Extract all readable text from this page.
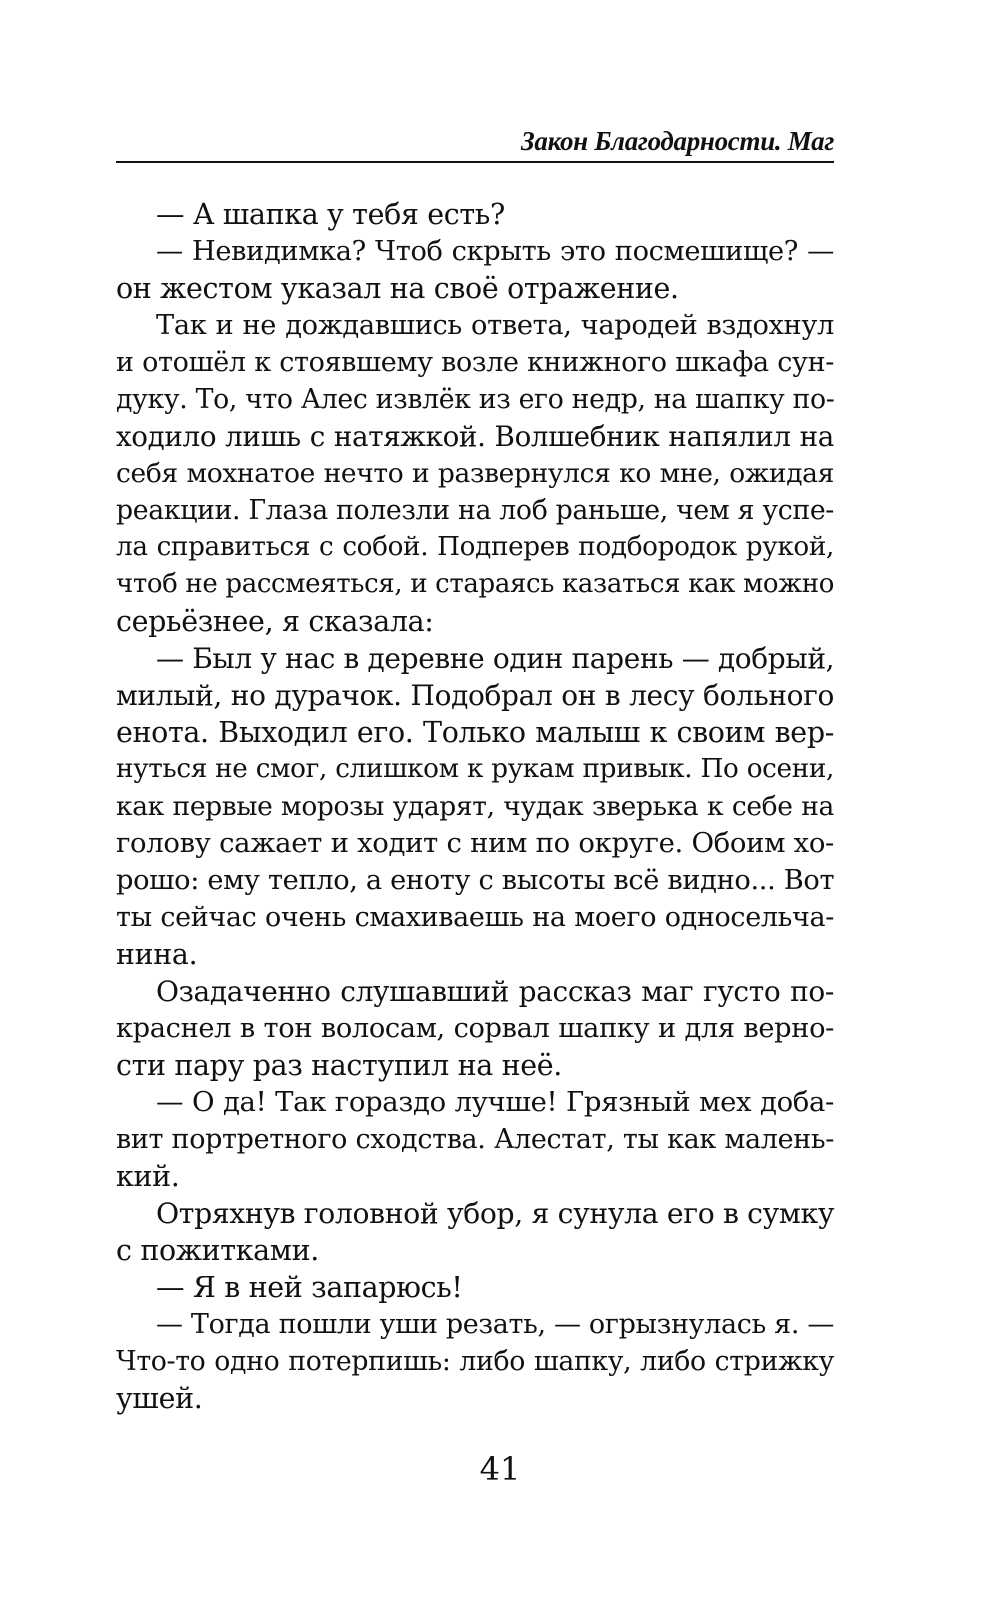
Закон Благодарности. Маг
— А шапка у тебя есть?
— Невидимка? Чтоб скрыть это посмешище? —
он жестом указал на своё отражение.
Так и не дождавшись ответа, чародей вздохнул
и отошёл к стоявшему возле книжного шкафа сун-
дуку. То, что Алес извлёк из его недр, на шапку по-
ходило лишь с натяжкой. Волшебник напялил на
себя мохнатое нечто и развернулся ко мне, ожидая
реакции. Глаза полезли на лоб раньше, чем я успе-
ла справиться с собой. Подперев подбородок рукой,
чтоб не рассмеяться, и стараясь казаться как можно
серьёзнее, я сказала:
— Был у нас в деревне один парень — добрый,
милый, но дурачок. Подобрал он в лесу больного
енота. Выходил его. Только малыш к своим вер-
нуться не смог, слишком к рукам привык. По осени,
как первые морозы ударят, чудак зверька к себе на
голову сажает и ходит с ним по округе. Обоим хо-
рошо: ему тепло, а еноту с высоты всё видно... Вот
ты сейчас очень смахиваешь на моего односельча-
нина.
Озадаченно слушавший рассказ маг густо по-
краснел в тон волосам, сорвал шапку и для верно-
сти пару раз наступил на неё.
— О да! Так гораздо лучше! Грязный мех доба-
вит портретного сходства. Алестат, ты как малень-
кий.
Отряхнув головной убор, я сунула его в сумку
с пожитками.
— Я в ней запарюсь!
— Тогда пошли уши резать, — огрызнулась я. —
Что-то одно потерпишь: либо шапку, либо стрижку
ушей.
41
